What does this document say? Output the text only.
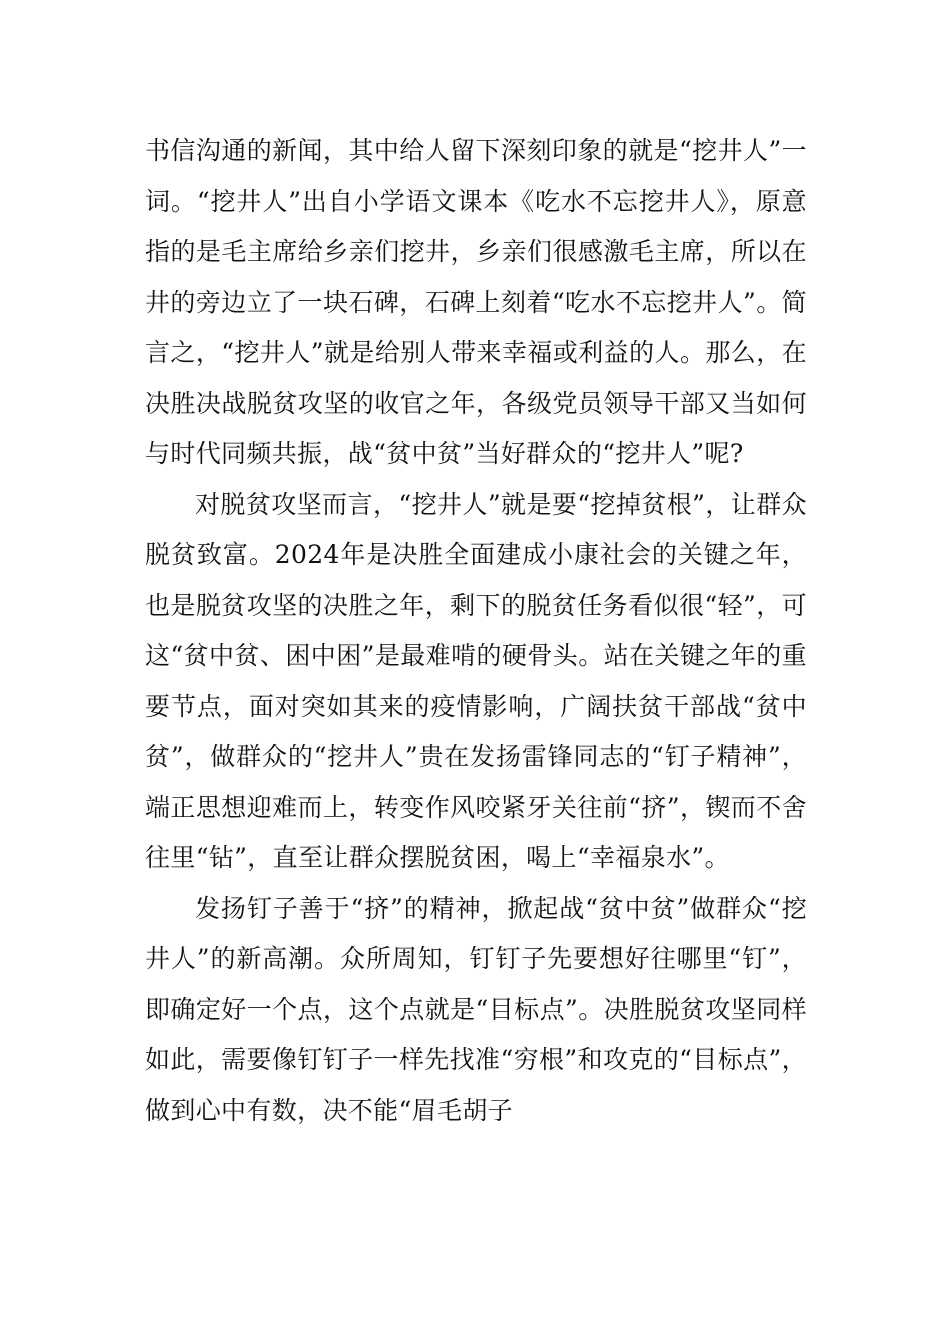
书信沟通的新闻，其中给人留下深刻印象的就是“挖井人”一词。“挖井人”出自小学语文课本《吃水不忘挖井人》，原意指的是毛主席给乡亲们挖井，乡亲们很感激毛主席，所以在井的旁边立了一块石碑，石碑上刻着“吃水不忘挖井人”。简言之，“挖井人”就是给别人带来幸福或利益的人。那么，在决胜决战脱贫攻坚的收官之年，各级党员领导干部又当如何与时代同频共振，战“贫中贫”当好群众的“挖井人”呢?

对脱贫攻坚而言，“挖井人”就是要“挖掉贫根”，让群众脱贫致富。2024年是决胜全面建成小康社会的关键之年，也是脱贫攻坚的决胜之年，剩下的脱贫任务看似很“轻”，可这“贫中贫、困中困”是最难啃的硬骨头。站在关键之年的重要节点，面对突如其来的疫情影响，广阔扶贫干部战“贫中贫”，做群众的“挖井人”贵在发扬雷锋同志的“钉子精神”，端正思想迎难而上，转变作风咬紧牙关往前“挤”，锲而不舍往里“钻”，直至让群众摆脱贫困，喝上“幸福泉水”。

发扬钉子善于“挤”的精神，掀起战“贫中贫”做群众“挖井人”的新高潮。众所周知，钉钉子先要想好往哪里“钉”，即确定好一个点，这个点就是“目标点”。决胜脱贫攻坚同样如此，需要像钉钉子一样先找准“穷根”和攻克的“目标点”，做到心中有数，决不能“眉毛胡子
